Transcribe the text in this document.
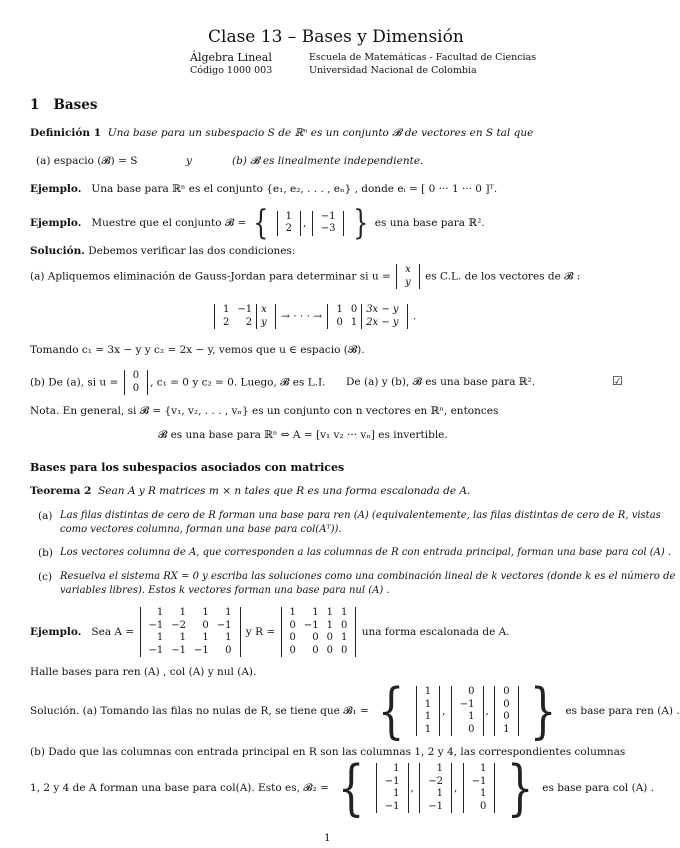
Clase 13 – Bases y Dimensión
Álgebra Lineal
Código 1000 003
Escuela de Matemáticas - Facultad de Ciencias
Universidad Nacional de Colombia
1 Bases
Definición 1 Una base para un subespacio S de ℝⁿ es un conjunto 𝓑 de vectores en S tal que
(a) espacio (𝓑) = S	y	(b) 𝓑 es linealmente independiente.
Ejemplo. Una base para ℝⁿ es el conjunto {e₁, e₂, . . . , eₙ} , donde eᵢ = [ 0 ··· 1 ··· 0 ]ᵀ.
Ejemplo. Muestre que el conjunto 𝓑 = { 1
2 ,
−1
−3 } es una base para ℝ².
Solución. Debemos verificar las dos condiciones:
(a) Apliquemos eliminación de Gauss-Jordan para determinar si u =
x
y es C.L. de los vectores de 𝓑 :
1	−1	x
2	2	y → · · · →
1	0	3x − y
0	1	2x − y .
Tomando c₁ = 3x − y y c₂ = 2x − y, vemos que u ∈ espacio (𝓑).
(b) De (a), si u =
0
0 , c₁ = 0 y c₂ = 0. Luego, 𝓑 es L.I. De (a) y (b), 𝓑 es una base para ℝ².	☑
Nota. En general, si 𝓑 = {v₁, v₂, . . . , vₙ} es un conjunto con n vectores en ℝⁿ, entonces
𝓑 es una base para ℝⁿ ⇔ A = [v₁ v₂ ··· vₙ] es invertible.
Bases para los subespacios asociados con matrices
Teorema 2 Sean A y R matrices m × n tales que R es una forma escalonada de A.
(a) Las filas distintas de cero de R forman una base para ren (A) (equivalentemente, las filas distintas de cero de R, vistas
como vectores columna, forman una base para col(Aᵀ)).
(b) Los vectores columna de A, que corresponden a las columnas de R con entrada principal, forman una base para col (A) .
(c) Resuelva el sistema RX = 0 y escriba las soluciones como una combinación lineal de k vectores (donde k es el número de
variables libres). Estos k vectores forman una base para nul (A) .
Ejemplo. Sea A =
1	1	1	1
−1	−2	0	−1
1	1	1	1
−1	−1	−1	0
y R =
1	1	1	1
0	−1	1	0
0	0	0	1
0	0	0	0
una forma escalonada de A.
Halle bases para ren (A) , col (A) y nul (A).
Solución. (a) Tomando las filas no nulas de R, se tiene que 𝓑₁ = { 1
1
1
1
,
0
−1
1
0
,
0
0
0
1 } es base para ren (A) .
(b) Dado que las columnas con entrada principal en R son las columnas 1, 2 y 4, las correspondientes columnas
1, 2 y 4 de A forman una base para col(A). Esto es, 𝓑₂ = {	1
−1
1
−1
,
1
−2
1
−1
,
1
−1
1
0 } es base para col (A) .
1
